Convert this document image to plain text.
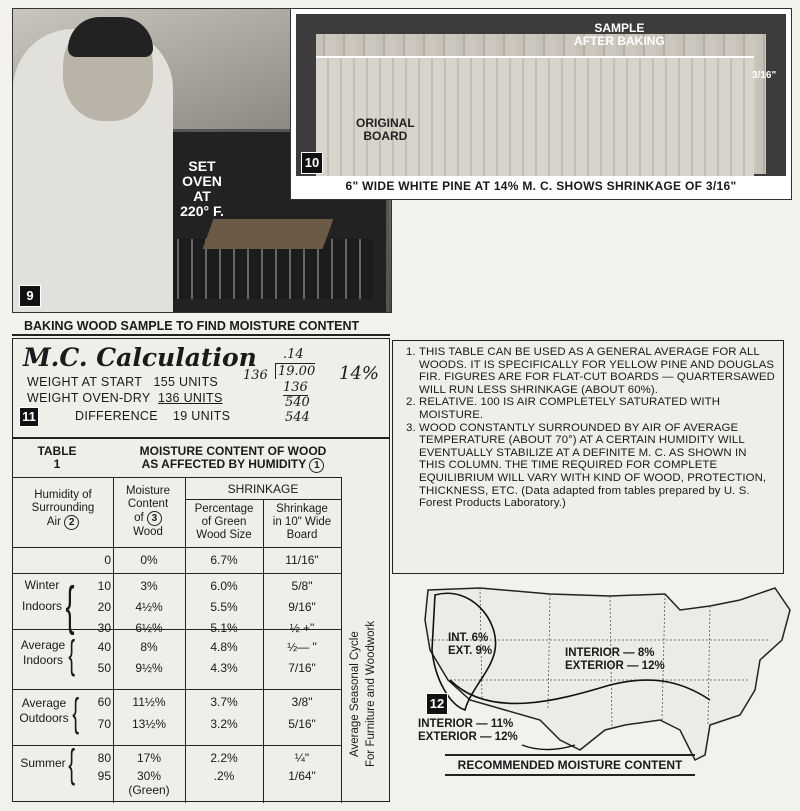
SET
OVEN
AT
220° F.
9
ORIGINAL
BOARD
SAMPLE
AFTER BAKING
3/16"
10
6" WIDE WHITE PINE AT 14% M. C. SHOWS SHRINKAGE OF 3/16"
BAKING WOOD SAMPLE TO FIND MOISTURE CONTENT
M.C. Calculation
WEIGHT AT START 155 UNITS
WEIGHT OVEN-DRY 136 UNITS
11	DIFFERENCE 19 UNITS
.14
136 19.00
136
540
544
14%
TABLE
1
MOISTURE CONTENT OF WOOD
AS AFFECTED BY HUMIDITY 1
Humidity of
Surrounding
Air 2
Moisture
Content
of 3
Wood
SHRINKAGE
Percentage
of Green
Wood Size
Shrinkage
in 10" Wide
Board
Winter
Indoors {
Average
Indoors {
Average
Outdoors {
Summer {
0	0%	6.7%	11/16"
10	3%	6.0%	5/8"
20	4½%	5.5%	9/16"
30	6½%	5.1%	½ +"
40	8%	4.8%	½— "
50	9½%	4.3%	7/16"
60	11½%	3.7%	3/8"
70	13½%	3.2%	5/16"
80	17%	2.2%	¼"
95	30%	.2%	1/64"
(Green)
Average Seasonal Cycle For Furniture and Woodwork
1. THIS TABLE CAN BE USED AS A GENERAL AVERAGE FOR ALL WOODS. IT IS SPECIFICALLY FOR YELLOW PINE AND DOUGLAS FIR. FIGURES ARE FOR FLAT-CUT BOARDS — QUARTERSAWED WILL RUN LESS SHRINKAGE (ABOUT 60%).
2. RELATIVE. 100 IS AIR COMPLETELY SATURATED WITH MOISTURE.
3. WOOD CONSTANTLY SURROUNDED BY AIR OF AVERAGE TEMPERATURE (ABOUT 70°) AT A CERTAIN HUMIDITY WILL EVENTUALLY STABILIZE AT A DEFINITE M. C. AS SHOWN IN THIS COLUMN. THE TIME REQUIRED FOR COMPLETE EQUILIBRIUM WILL VARY WITH KIND OF WOOD, PROTECTION, THICKNESS, ETC. (Data adapted from tables prepared by U. S. Forest Products Laboratory.)
INT. 6%
EXT. 9%	INTERIOR — 8%
EXTERIOR — 12%
12
INTERIOR — 11%
EXTERIOR — 12%
RECOMMENDED MOISTURE CONTENT
